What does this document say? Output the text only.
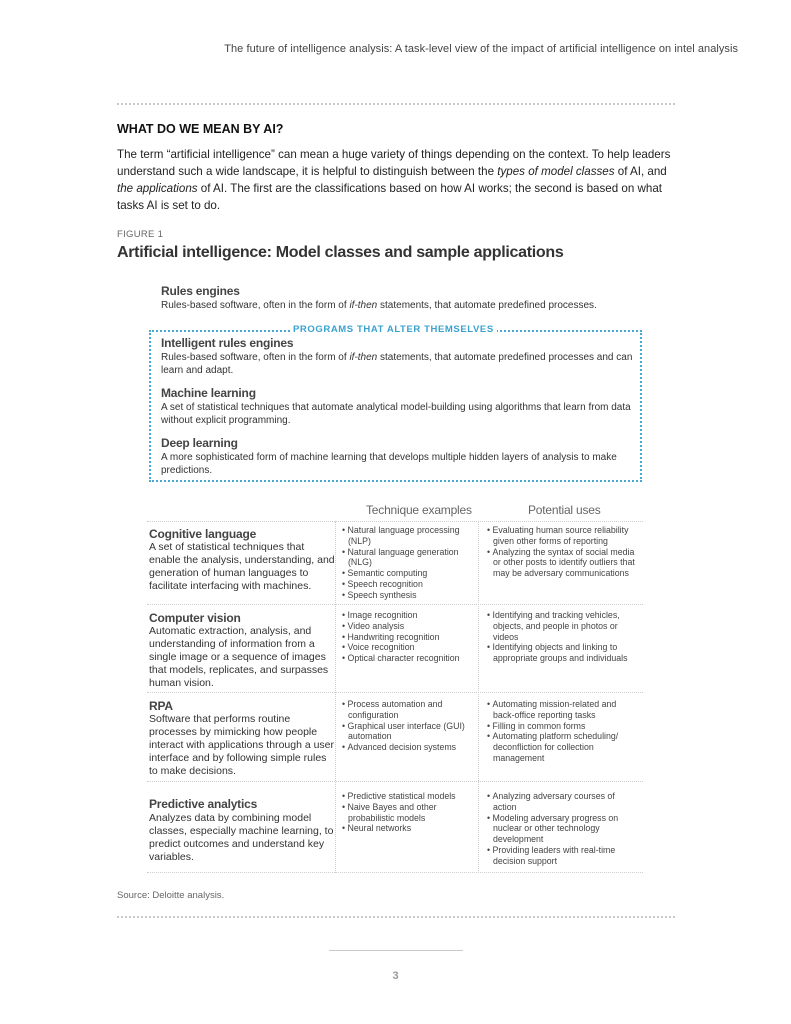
The future of intelligence analysis: A task-level view of the impact of artificial intelligence on intel analysis
WHAT DO WE MEAN BY AI?

The term “artificial intelligence” can mean a huge variety of things depending on the context. To help leaders understand such a wide landscape, it is helpful to distinguish between the types of model classes of AI, and the applications of AI. The first are the classifications based on how AI works; the second is based on what tasks AI is set to do.

FIGURE 1
Artificial intelligence: Model classes and sample applications
Rules engines
Rules-based software, often in the form of if-then statements, that automate predefined processes.
PROGRAMS THAT ALTER THEMSELVES
Intelligent rules engines
Rules-based software, often in the form of if-then statements, that automate predefined processes and can learn and adapt.
Machine learning
A set of statistical techniques that automate analytical model-building using algorithms that learn from data without explicit programming.
Deep learning
A more sophisticated form of machine learning that develops multiple hidden layers of analysis to make predictions.
Technique examples	Potential uses
Cognitive language
A set of statistical techniques that enable the analysis, understanding, and generation of human languages to facilitate interfacing with machines.
• Natural language processing (NLP)
• Natural language generation (NLG)
• Semantic computing
• Speech recognition
• Speech synthesis
• Evaluating human source reliability given other forms of reporting
• Analyzing the syntax of social media or other posts to identify outliers that may be adversary communications
Computer vision
Automatic extraction, analysis, and understanding of information from a single image or a sequence of images that models, replicates, and surpasses human vision.
• Image recognition
• Video analysis
• Handwriting recognition
• Voice recognition
• Optical character recognition
• Identifying and tracking vehicles, objects, and people in photos or videos
• Identifying objects and linking to appropriate groups and individuals
RPA
Software that performs routine processes by mimicking how people interact with applications through a user interface and by following simple rules to make decisions.
• Process automation and configuration
• Graphical user interface (GUI) automation
• Advanced decision systems
• Automating mission-related and back-office reporting tasks
• Filling in common forms
• Automating platform scheduling/ deconfliction for collection management
Predictive analytics
Analyzes data by combining model classes, especially machine learning, to predict outcomes and understand key variables.
• Predictive statistical models
• Naive Bayes and other probabilistic models
• Neural networks
• Analyzing adversary courses of action
• Modeling adversary progress on nuclear or other technology development
• Providing leaders with real-time decision support
Source: Deloitte analysis.
3
